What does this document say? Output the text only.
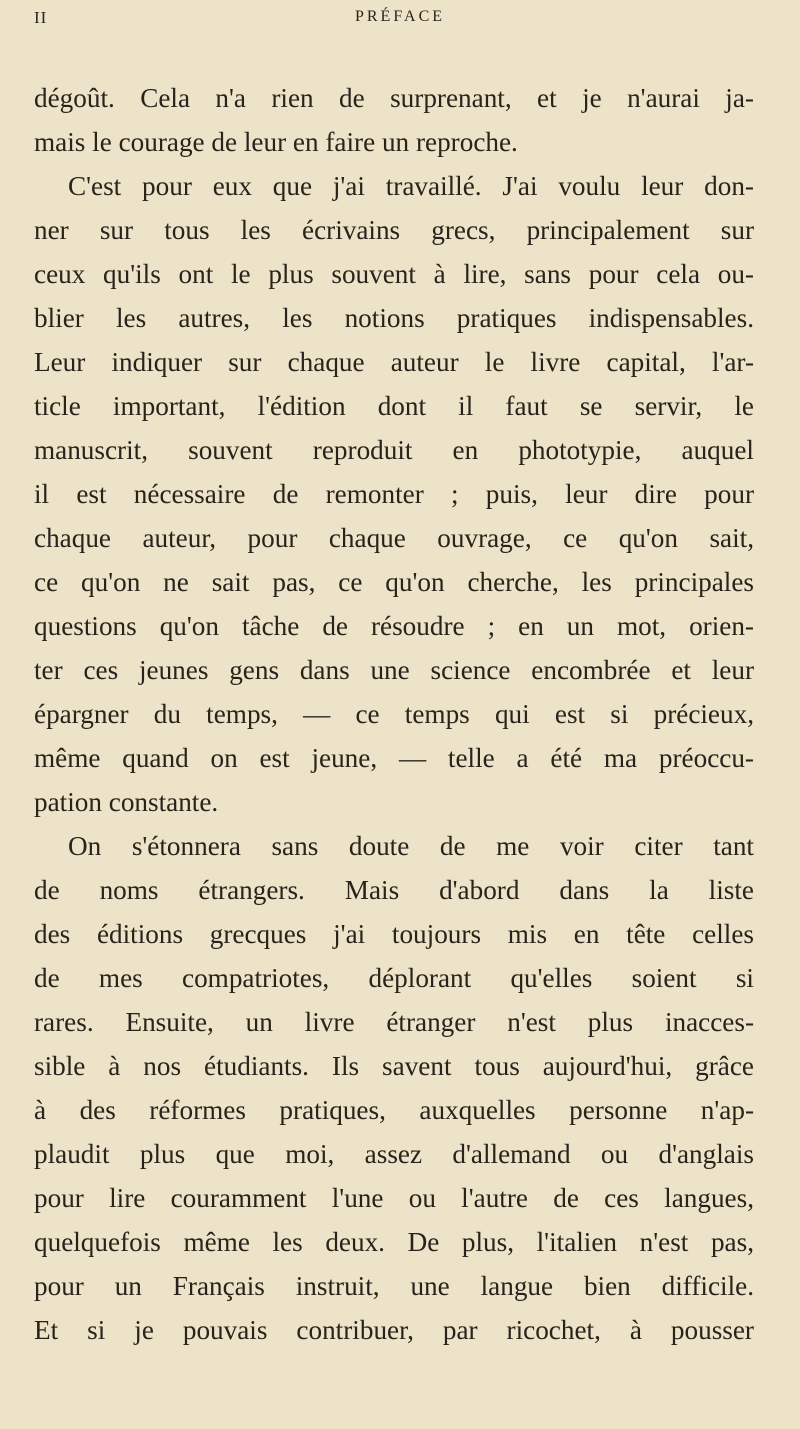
II	PRÉFACE
dégoût. Cela n'a rien de surprenant, et je n'aurai ja-
mais le courage de leur en faire un reproche.
C'est pour eux que j'ai travaillé. J'ai voulu leur don-
ner sur tous les écrivains grecs, principalement sur
ceux qu'ils ont le plus souvent à lire, sans pour cela ou-
blier les autres, les notions pratiques indispensables.
Leur indiquer sur chaque auteur le livre capital, l'ar-
ticle important, l'édition dont il faut se servir, le
manuscrit, souvent reproduit en phototypie, auquel
il est nécessaire de remonter ; puis, leur dire pour
chaque auteur, pour chaque ouvrage, ce qu'on sait,
ce qu'on ne sait pas, ce qu'on cherche, les principales
questions qu'on tâche de résoudre ; en un mot, orien-
ter ces jeunes gens dans une science encombrée et leur
épargner du temps, — ce temps qui est si précieux,
même quand on est jeune, — telle a été ma préoccu-
pation constante.
On s'étonnera sans doute de me voir citer tant
de noms étrangers. Mais d'abord dans la liste
des éditions grecques j'ai toujours mis en tête celles
de mes compatriotes, déplorant qu'elles soient si
rares. Ensuite, un livre étranger n'est plus inacces-
sible à nos étudiants. Ils savent tous aujourd'hui, grâce
à des réformes pratiques, auxquelles personne n'ap-
plaudit plus que moi, assez d'allemand ou d'anglais
pour lire couramment l'une ou l'autre de ces langues,
quelquefois même les deux. De plus, l'italien n'est pas,
pour un Français instruit, une langue bien difficile.
Et si je pouvais contribuer, par ricochet, à pousser
